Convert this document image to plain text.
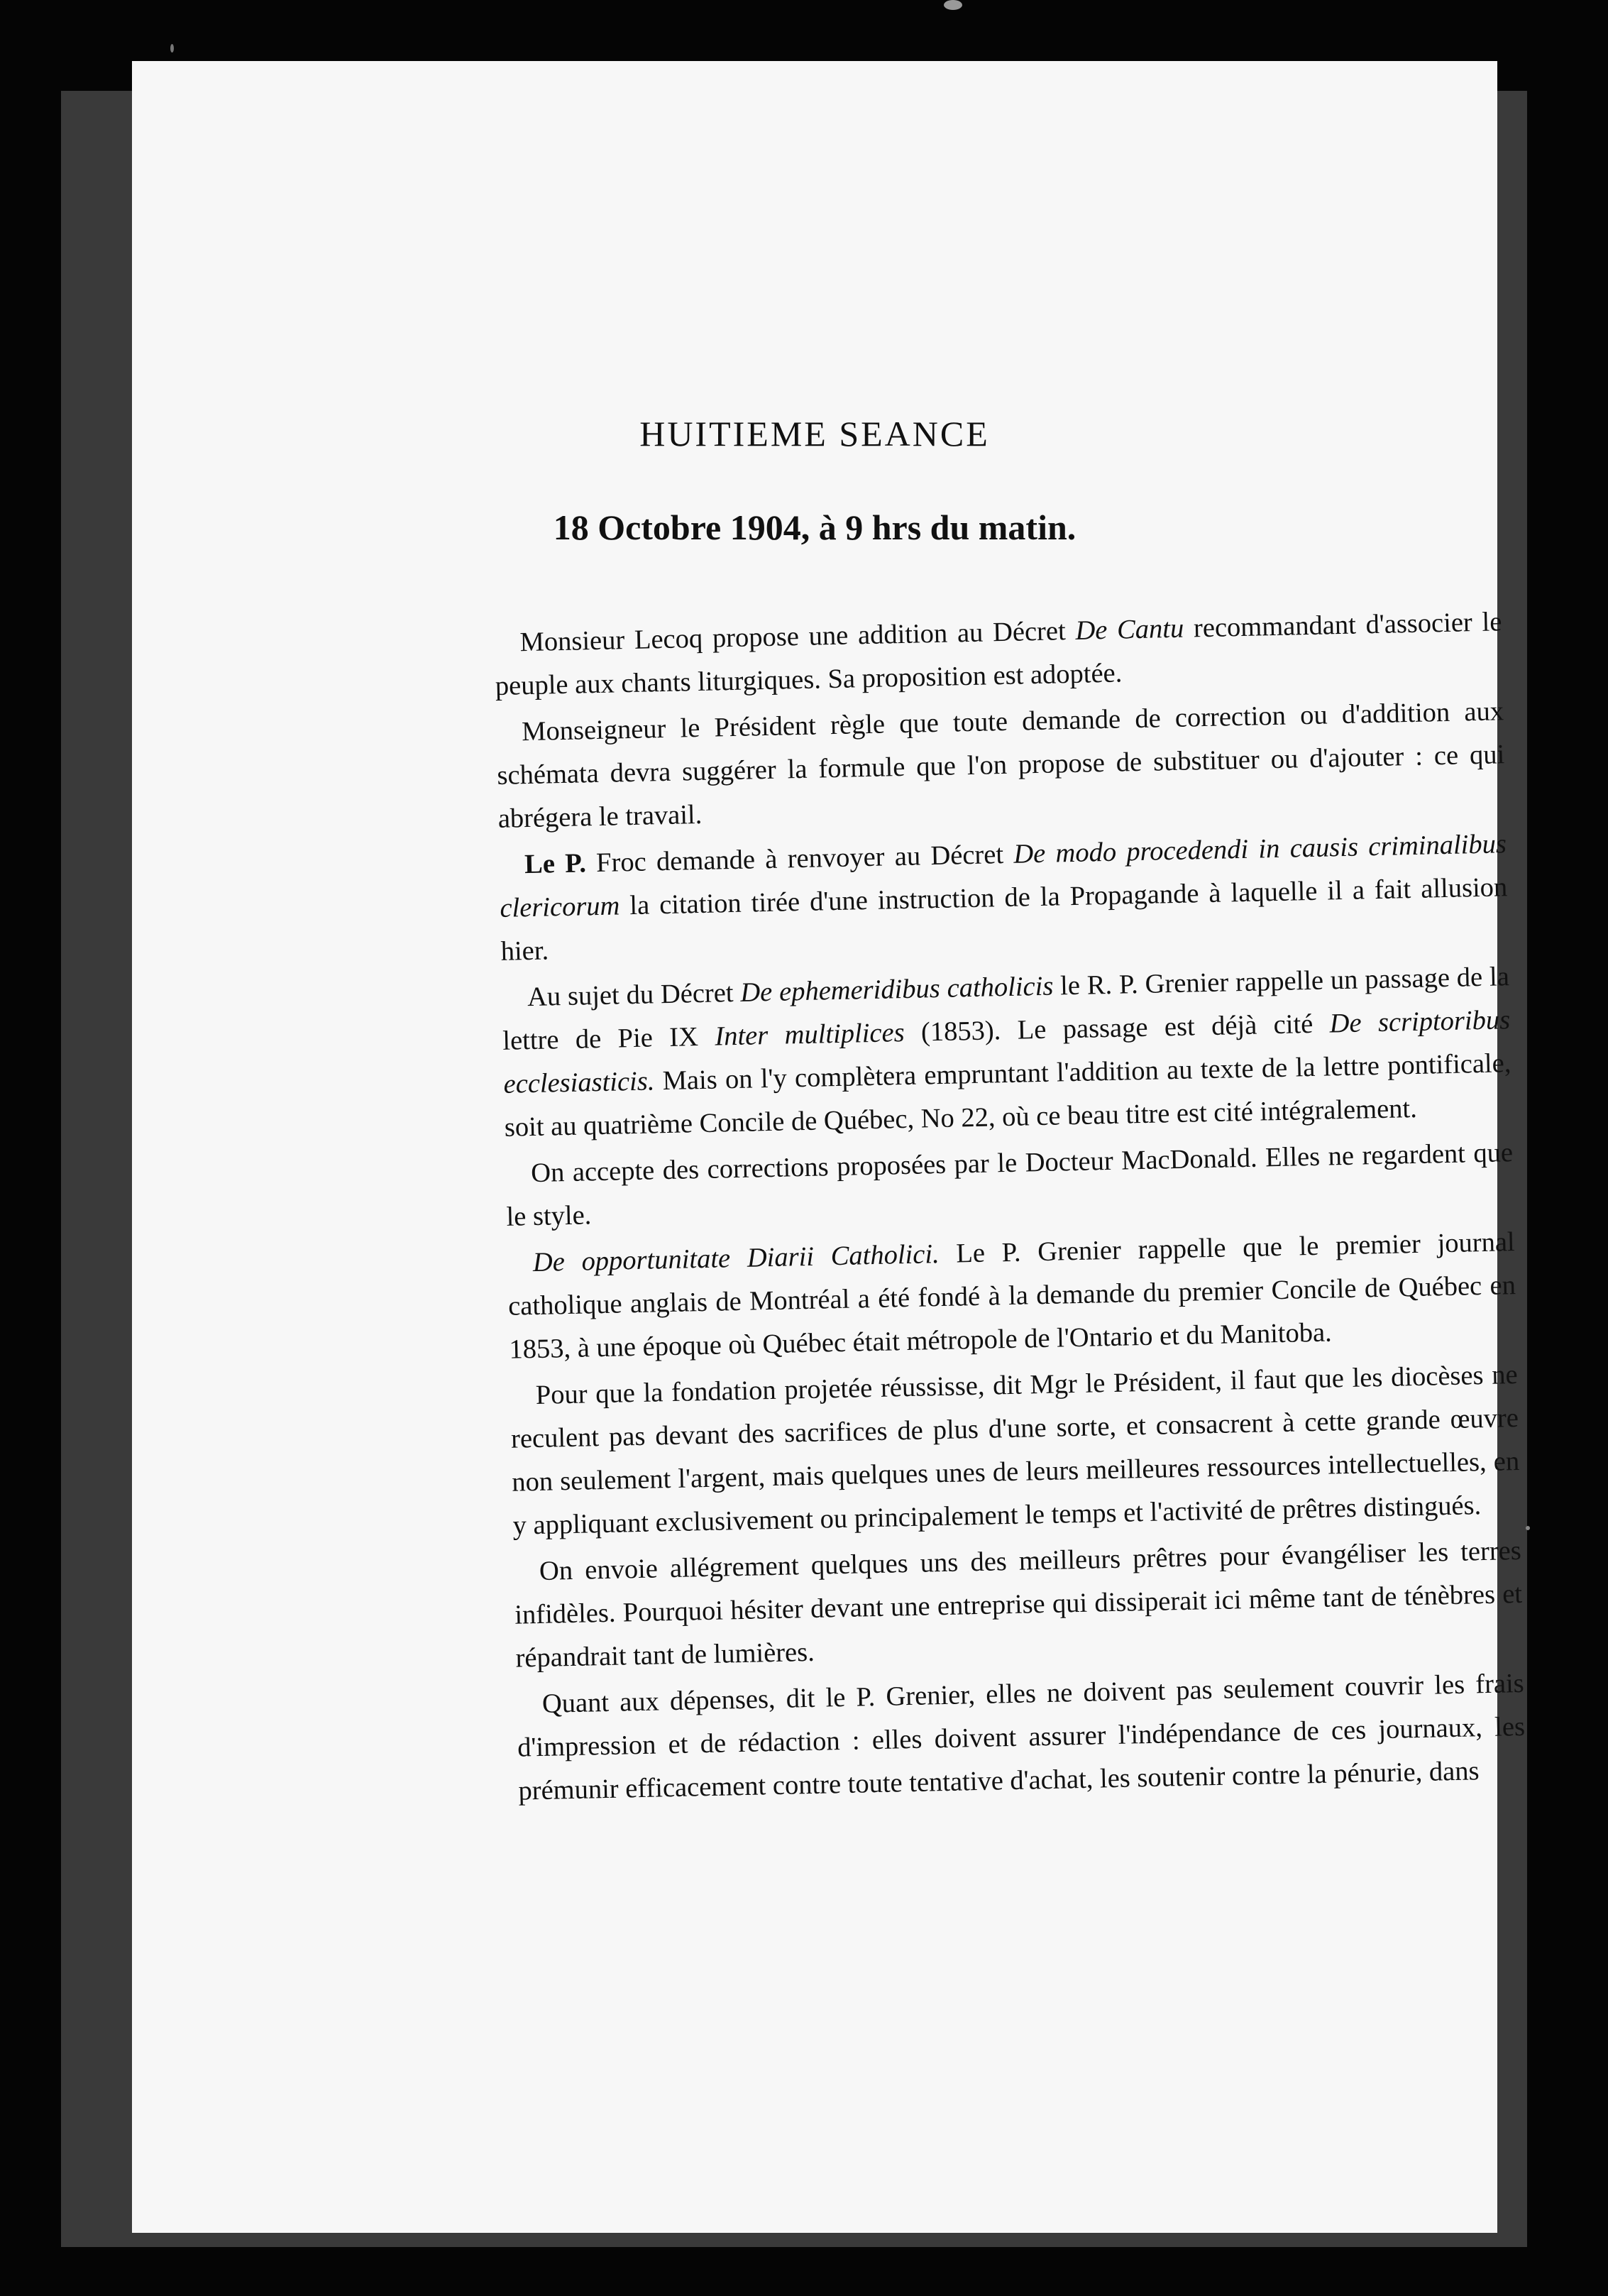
HUITIEME SEANCE
18 Octobre 1904, à 9 hrs du matin.

Monsieur Lecoq propose une addition au Décret De Cantu recommandant d'associer le peuple aux chants liturgiques. Sa proposition est adoptée.

Monseigneur le Président règle que toute demande de correction ou d'addition aux schémata devra suggérer la formule que l'on propose de substituer ou d'ajouter : ce qui abrégera le travail.

Le P. Froc demande à renvoyer au Décret De modo procedendi in causis criminalibus clericorum la citation tirée d'une instruction de la Propagande à laquelle il a fait allusion hier.

Au sujet du Décret De ephemeridibus catholicis le R. P. Grenier rappelle un passage de la lettre de Pie IX Inter multiplices (1853). Le passage est déjà cité De scriptoribus ecclesiasticis. Mais on l'y complètera empruntant l'addition au texte de la lettre pontificale, soit au quatrième Concile de Québec, No 22, où ce beau titre est cité intégralement.

On accepte des corrections proposées par le Docteur MacDonald. Elles ne regardent que le style.

De opportunitate Diarii Catholici. Le P. Grenier rappelle que le premier journal catholique anglais de Montréal a été fondé à la demande du premier Concile de Québec en 1853, à une époque où Québec était métropole de l'Ontario et du Manitoba.

Pour que la fondation projetée réussisse, dit Mgr le Président, il faut que les diocèses ne reculent pas devant des sacrifices de plus d'une sorte, et consacrent à cette grande œuvre non seulement l'argent, mais quelques unes de leurs meilleures ressources intellectuelles, en y appliquant exclusivement ou principalement le temps et l'activité de prêtres distingués.

On envoie allégrement quelques uns des meilleurs prêtres pour évangéliser les terres infidèles. Pourquoi hésiter devant une entreprise qui dissiperait ici même tant de ténèbres et répandrait tant de lumières.

Quant aux dépenses, dit le P. Grenier, elles ne doivent pas seulement couvrir les frais d'impression et de rédaction : elles doivent assurer l'indépendance de ces journaux, les prémunir efficacement contre toute tentative d'achat, les soutenir contre la pénurie, dans
